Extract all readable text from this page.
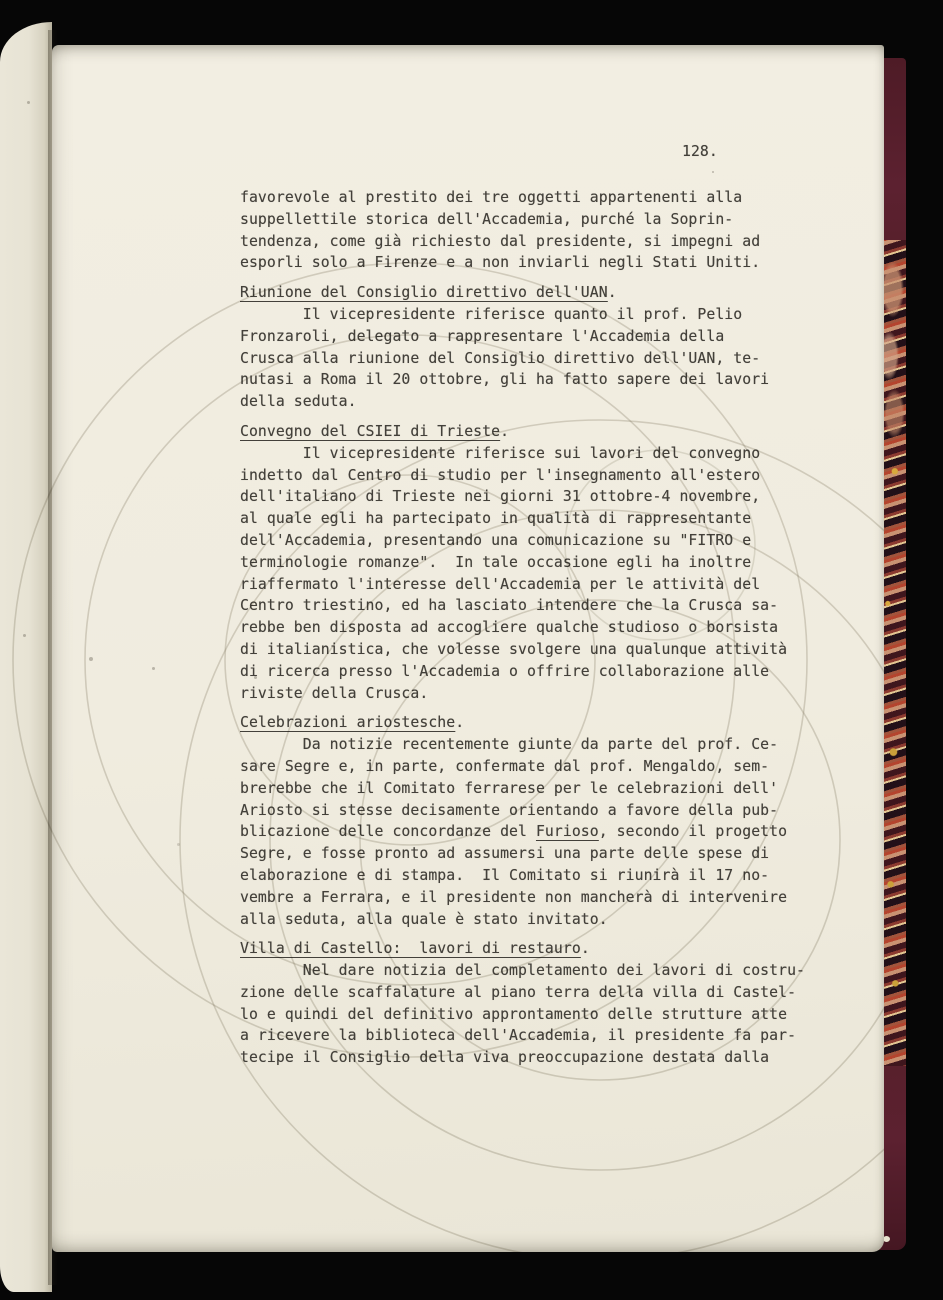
128.
favorevole al prestito dei tre oggetti appartenenti alla
suppellettile storica dell'Accademia, purché la Soprin-
tendenza, come già richiesto dal presidente, si impegni ad
esporli solo a Firenze e a non inviarli negli Stati Uniti.
Riunione del Consiglio direttivo dell'UAN.
Il vicepresidente riferisce quanto il prof. Pelio
Fronzaroli, delegato a rappresentare l'Accademia della
Crusca alla riunione del Consiglio direttivo dell'UAN, te-
nutasi a Roma il 20 ottobre, gli ha fatto sapere dei lavori
della seduta.
Convegno del CSIEI di Trieste.
Il vicepresidente riferisce sui lavori del convegno
indetto dal Centro di studio per l'insegnamento all'estero
dell'italiano di Trieste nei giorni 31 ottobre-4 novembre,
al quale egli ha partecipato in qualità di rappresentante
dell'Accademia, presentando una comunicazione su "FITRO e
terminologie romanze".  In tale occasione egli ha inoltre
riaffermato l'interesse dell'Accademia per le attività del
Centro triestino, ed ha lasciato intendere che la Crusca sa-
rebbe ben disposta ad accogliere qualche studioso o borsista
di italianistica, che volesse svolgere una qualunque attività
di ricerca presso l'Accademia o offrire collaborazione alle
riviste della Crusca.
Celebrazioni ariostesche.
Da notizie recentemente giunte da parte del prof. Ce-
sare Segre e, in parte, confermate dal prof. Mengaldo, sem-
brerebbe che il Comitato ferrarese per le celebrazioni dell'
Ariosto si stesse decisamente orientando a favore della pub-
blicazione delle concordanze del Furioso, secondo il progetto
Segre, e fosse pronto ad assumersi una parte delle spese di
elaborazione e di stampa.  Il Comitato si riunirà il 17 no-
vembre a Ferrara, e il presidente non mancherà di intervenire
alla seduta, alla quale è stato invitato.
Villa di Castello:  lavori di restauro.
Nel dare notizia del completamento dei lavori di costru-
zione delle scaffalature al piano terra della villa di Castel-
lo e quindi del definitivo approntamento delle strutture atte
a ricevere la biblioteca dell'Accademia, il presidente fa par-
tecipe il Consiglio della viva preoccupazione destata dalla
